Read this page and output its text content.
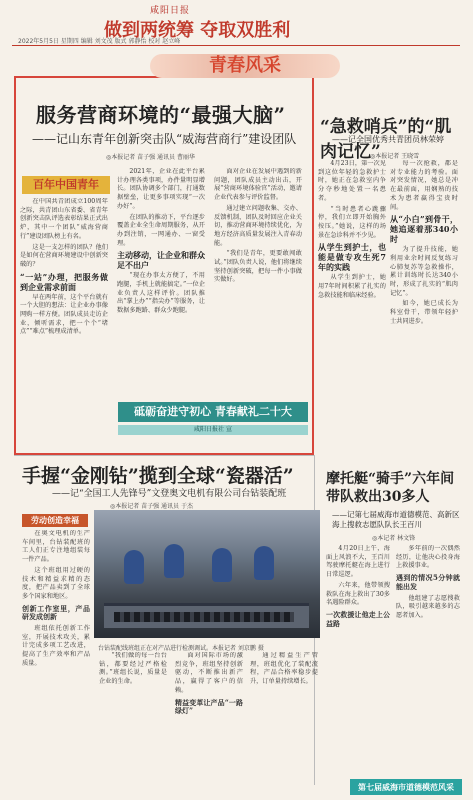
咸阳日报
做到两统筹 夺取双胜利
2022年5月5日 星期四 编辑 刘文茂 版式 郭静怡 校对 赵立峰
青春风采
服务营商环境的“最强大脑”
——记山东青年创新突击队“威海营商行”建设团队
◎本报记者 苗子强 通讯员 曹丽华
百年中国青年

在中国共青团成立100周年之际，共青团山东省委、省青年创新突击队评选表彰结果正式出炉，其中一个团队“威海营商行”建设团队榜上有名。

这是一支怎样的团队？他们是如何在营商环境建设中创新突破的？

“一站”办理，把服务做到企业需求前面

早在两年前，这个平台就有一个大胆的想法：让企业办事像网购一样方便。团队成员走访企业，倾听需求，把一个个“堵点”“难点”梳理成清单。

2021年，企业在此平台累计办理各类事项，办件量明显增长。团队协调多个部门，打通数据壁垒，让更多事项实现“一次办好”。

在团队的推动下，平台逐步覆盖企业全生命周期服务，从开办到注销，一网通办、一窗受理。

主动移动，让企业和群众足不出户

“现在办事太方便了，不用跑腿，手机上就能搞定。”一位企业负责人这样评价。团队推出“掌上办”“指尖办”等服务，让数据多跑路、群众少跑腿。

面对企业在发展中遇到的新问题，团队成员主动出击，开展“营商环境体验官”活动，邀请企业代表参与评价监督。

通过建立问题收集、交办、反馈机制，团队及时回应企业关切，推动营商环境持续优化，为地方经济高质量发展注入青春动能。

“我们是青年，更要敢闯敢试。”团队负责人说，他们将继续坚持创新突破，把每一件小事做实做好。

砥砺奋进守初心 青春献礼二十大
咸阳日报社 宣
“急救哨兵”的“肌肉记忆”
——记全国优秀共青团员林荣婷
◎本报记者 王晓雪

4月23日，第一次见到这位年轻的急救护士时，她正在急救室内争分夺秒地处置一名患者。

“当时患者心跳骤停，我们立即开始胸外按压。”她说，这样的场景在急诊科并不少见。

从学生到护士，也能是做专攻生死7年的实践

从学生到护士，她用7年时间积累了扎实的急救技能和临床经验。

每一次抢救，都是对专业能力的考验。面对突发情况，她总是冲在最前面，用娴熟的技术为患者赢得宝贵时间。

从“小白”到骨干，她追逐着那340小时

为了提升技能，她利用业余时间反复练习心肺复苏等急救操作，累计训练时长达340小时，形成了扎实的“肌肉记忆”。

如今，她已成长为科室骨干，带领年轻护士共同进步。

手握“金刚钻”揽到全球“瓷器活”
——记“全国工人先锋号”文登奥文电机有限公司台钻装配班
◎本报记者 苗子强 通讯员 于杰
劳动创造幸福
台钻装配线班组正在对产品进行检测调试。本报记者 刘京鹏 摄

在奥文电机的生产车间里，台钻装配班的工人们正专注地组装每一件产品。

这个班组用过硬的技术和精益求精的态度，把产品卖到了全球多个国家和地区。

创新工作室里，产品研发成创新

班组依托创新工作室，开展技术攻关，累计完成多项工艺改进，提高了生产效率和产品质量。

“我们做的每一台台钻，都要经过严格检测。”班组长说，质量是企业的生命。

面对国际市场的激烈竞争，班组坚持创新驱动，不断推出新产品，赢得了客户的信赖。

精益变革让产品“一路绿灯”

通过精益生产管理，班组优化了装配流程，产品合格率稳步提升，订单量持续增长。

摩托艇“骑手”六年间带队救出30多人
——记第七届威海市道德模范、高新区海上搜救志愿队队长王百川
◎本记者 林文锋

4月20日上午，海面上风浪不大，王百川驾驶摩托艇在海上进行日常巡逻。

六年来，他带领搜救队在海上救出了30多名遇险群众。

一次救援让他走上公益路

多年前的一次偶然经历，让他决心投身海上救援事业。

遇到的情况5分钟就能出发

他组建了志愿搜救队，吸引越来越多的志愿者加入。

第七届威海市道德模范风采
